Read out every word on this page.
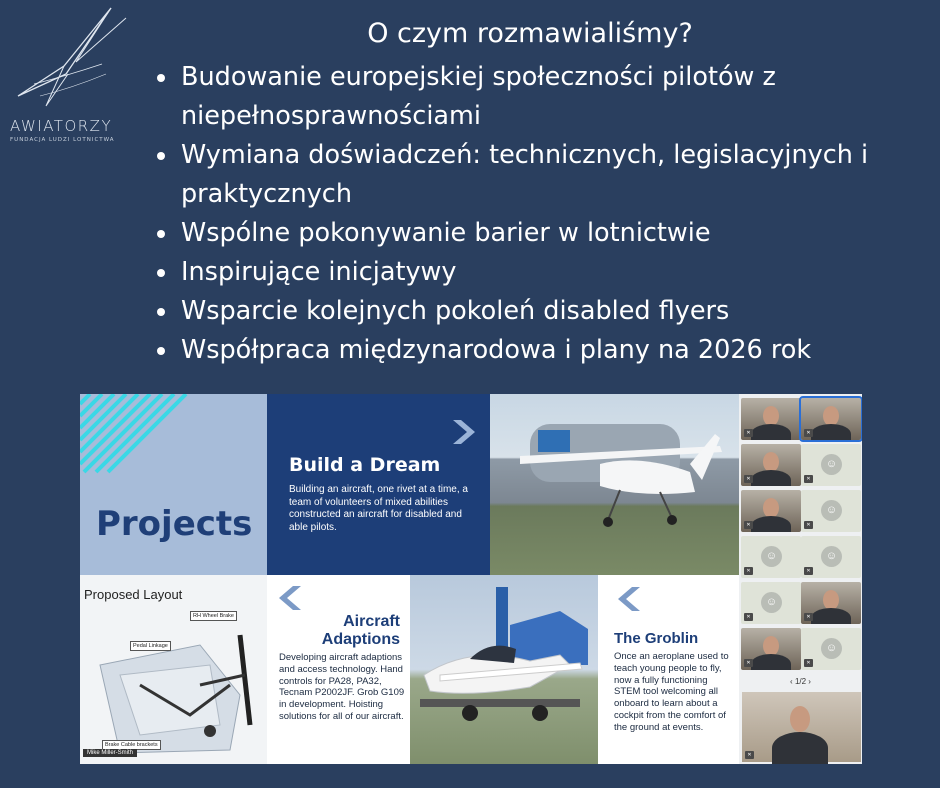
AWIATORZY
FUNDACJA LUDZI LOTNICTWA
O czym rozmawialiśmy?
Budowanie europejskiej społeczności pilotów z niepełnosprawnościami
Wymiana doświadczeń: technicznych, legislacyjnych i praktycznych
Wspólne pokonywanie barier w lotnictwie
Inspirujące inicjatywy
Wsparcie kolejnych pokoleń disabled flyers
Współpraca międzynarodowa i plany na 2026 rok
Projects
Build a Dream
Building an aircraft, one rivet at a time, a team of volunteers of mixed abilities constructed an aircraft for disabled and able pilots.
Proposed Layout
RH Wheel Brake
Pedal Linkage
Brake Cable brackets
Mike Miller-Smith
Aircraft
Adaptions
Developing aircraft adaptions and access technology. Hand controls for PA28, PA32, Tecnam P2002JF. Grob G109 in development. Hoisting solutions for all of our aircraft.
The Groblin
Once an aeroplane used to teach young people to fly, now a fully functioning STEM tool welcoming all onboard to learn about a cockpit from the comfort of the ground at events.
✕	✕
✕
☺
✕
✕
☺
✕
☺
✕
☺
✕
☺
✕	✕
✕
☺
✕
‹ 1/2 ›
✕
